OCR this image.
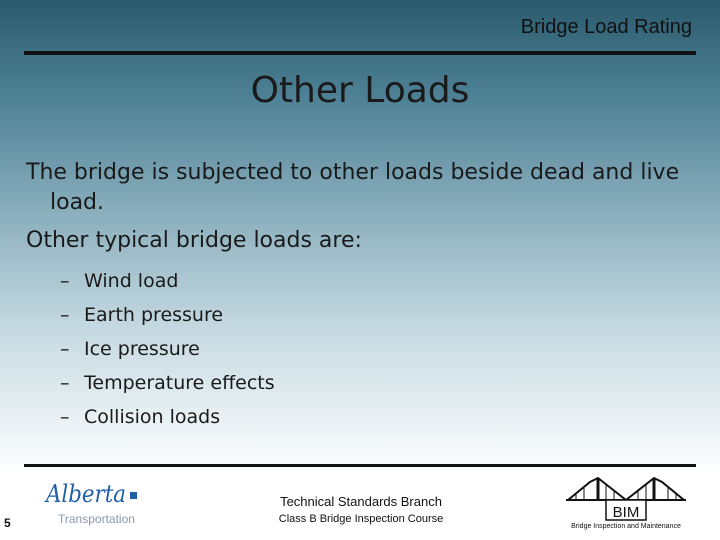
Bridge Load Rating
Other Loads

The bridge is subjected to other loads beside dead and live load.

Other typical bridge loads are:

– Wind load
– Earth pressure
– Ice pressure
– Temperature effects
– Collision loads
5
Alberta
Transportation
Technical Standards Branch
Class B Bridge Inspection Course	BIM
Bridge Inspection and Maintenance
